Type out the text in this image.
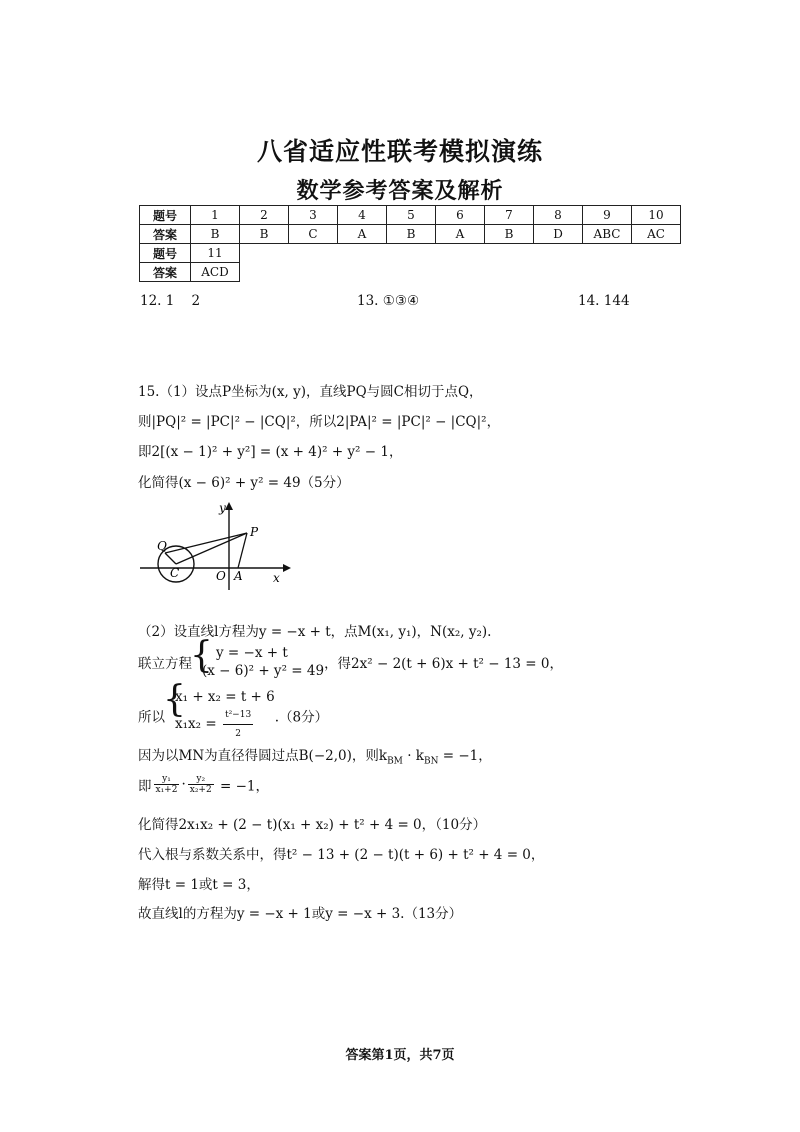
八省适应性联考模拟演练
数学参考答案及解析
题号	1	2	3	4	5	6	7	8	9	10
答案	B	B	C	A	B	A	B	D	ABC	AC
题号	11									
答案	ACD									
12. 1    2	13. ①③④	14. 144
15.（1）设点P坐标为(x, y)，直线PQ与圆C相切于点Q，
则|PQ|² = |PC|² − |CQ|²，所以2|PA|² = |PC|² − |CQ|²，
即2[(x − 1)² + y²] = (x + 4)² + y² − 1，
化简得(x − 6)² + y² = 49（5分）
y
x
P
Q
C	O A
（2）设直线l方程为y = −x + t，点M(x₁, y₁)，N(x₂, y₂).
联立方程
{ y = −x + t
(x − 6)² + y² = 49 ，得2x² − 2(t + 6)x + t² − 13 = 0，
所以
{ x₁ + x₂ = t + 6
$x_1x_2 = \frac{\text{t²−13}}{2} .(8$分）
因为以MN为直径得圆过点B(−2,0)，则$k_{BM} \cdot k_{BN} = -1$，
即 $\frac{\text{y₁}}{\text{x₁+2}} \cdot \frac{\text{y₂}}{\text{x₂+2}} = -1$，
化简得2x₁x₂ + (2 − t)(x₁ + x₂) + t² + 4 = 0，（10分）
代入根与系数关系中，得t² − 13 + (2 − t)(t + 6) + t² + 4 = 0，
解得t = 1或t = 3，
故直线l的方程为y = −x + 1或y = −x + 3.（13分）
答案第1页，共7页
